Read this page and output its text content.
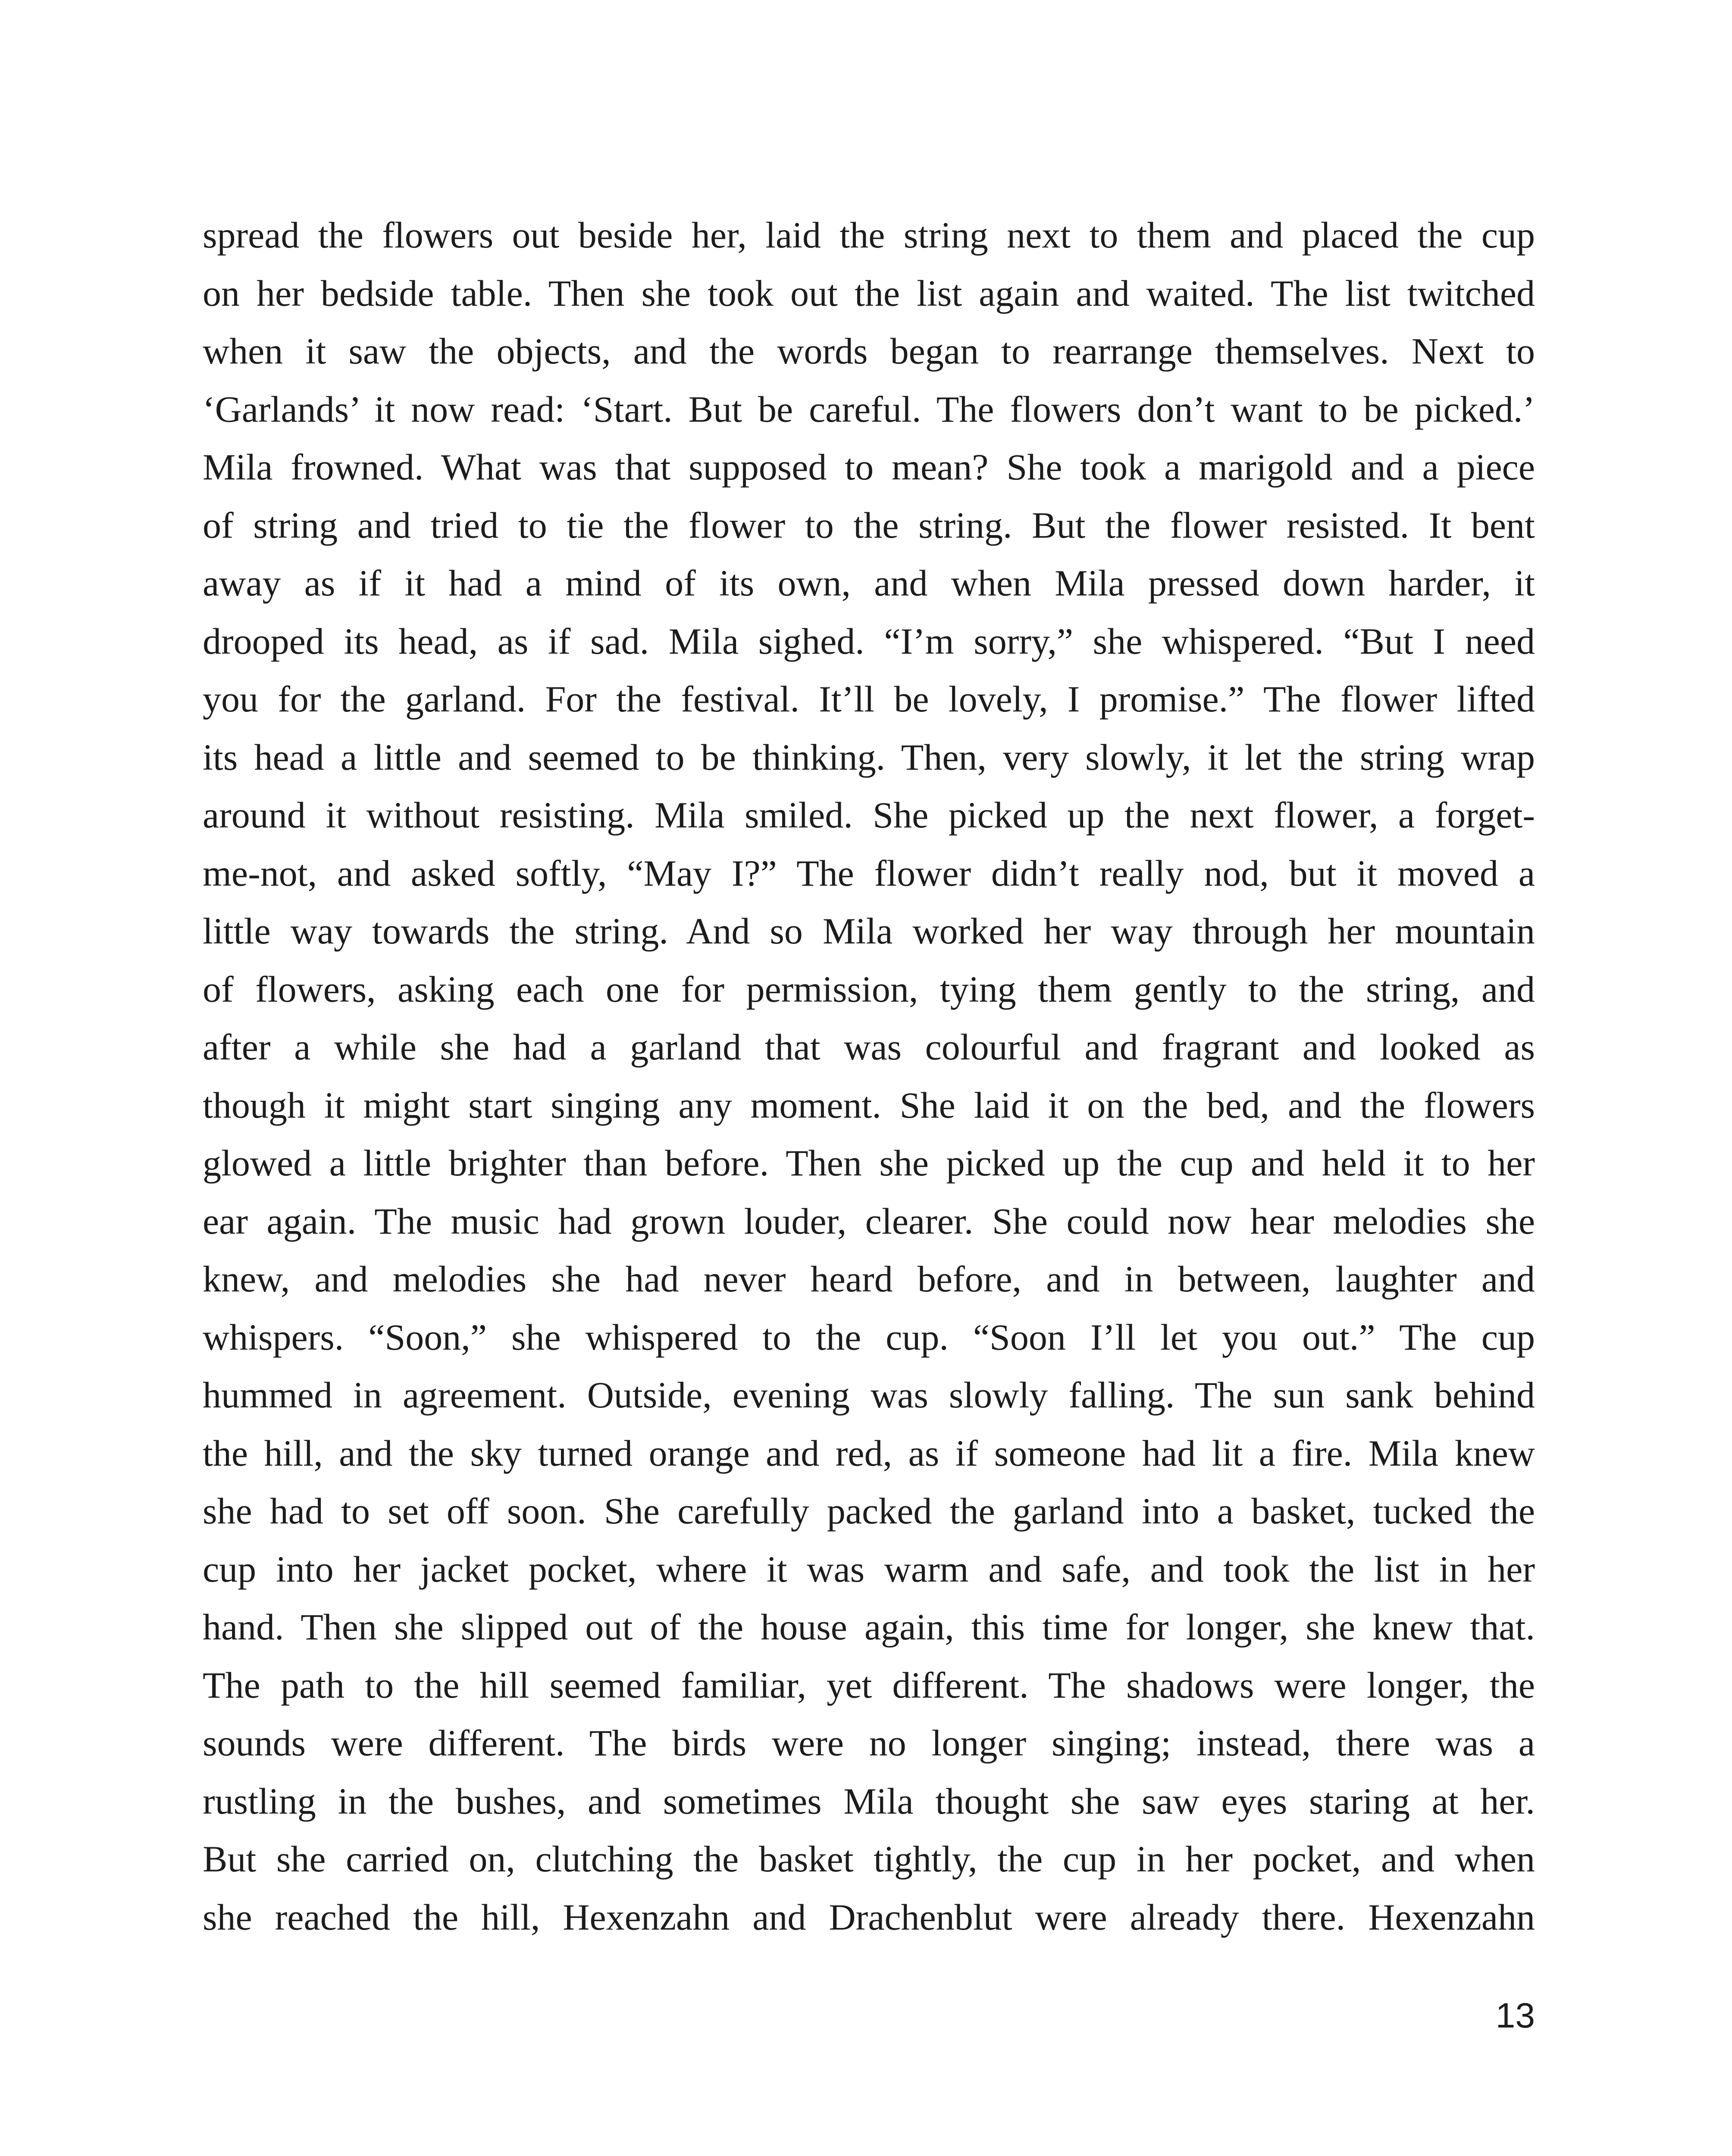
spread the flowers out beside her, laid the string next to them and placed the cup
on her bedside table. Then she took out the list again and waited. The list twitched
when it saw the objects, and the words began to rearrange themselves. Next to
‘Garlands’ it now read: ‘Start. But be careful. The flowers don’t want to be picked.’
Mila frowned. What was that supposed to mean? She took a marigold and a piece
of string and tried to tie the flower to the string. But the flower resisted. It bent
away as if it had a mind of its own, and when Mila pressed down harder, it
drooped its head, as if sad. Mila sighed. “I’m sorry,” she whispered. “But I need
you for the garland. For the festival. It’ll be lovely, I promise.” The flower lifted
its head a little and seemed to be thinking. Then, very slowly, it let the string wrap
around it without resisting. Mila smiled. She picked up the next flower, a forget-
me-not, and asked softly, “May I?” The flower didn’t really nod, but it moved a
little way towards the string. And so Mila worked her way through her mountain
of flowers, asking each one for permission, tying them gently to the string, and
after a while she had a garland that was colourful and fragrant and looked as
though it might start singing any moment. She laid it on the bed, and the flowers
glowed a little brighter than before. Then she picked up the cup and held it to her
ear again. The music had grown louder, clearer. She could now hear melodies she
knew, and melodies she had never heard before, and in between, laughter and
whispers. “Soon,” she whispered to the cup. “Soon I’ll let you out.” The cup
hummed in agreement. Outside, evening was slowly falling. The sun sank behind
the hill, and the sky turned orange and red, as if someone had lit a fire. Mila knew
she had to set off soon. She carefully packed the garland into a basket, tucked the
cup into her jacket pocket, where it was warm and safe, and took the list in her
hand. Then she slipped out of the house again, this time for longer, she knew that.
The path to the hill seemed familiar, yet different. The shadows were longer, the
sounds were different. The birds were no longer singing; instead, there was a
rustling in the bushes, and sometimes Mila thought she saw eyes staring at her.
But she carried on, clutching the basket tightly, the cup in her pocket, and when
she reached the hill, Hexenzahn and Drachenblut were already there. Hexenzahn
13
